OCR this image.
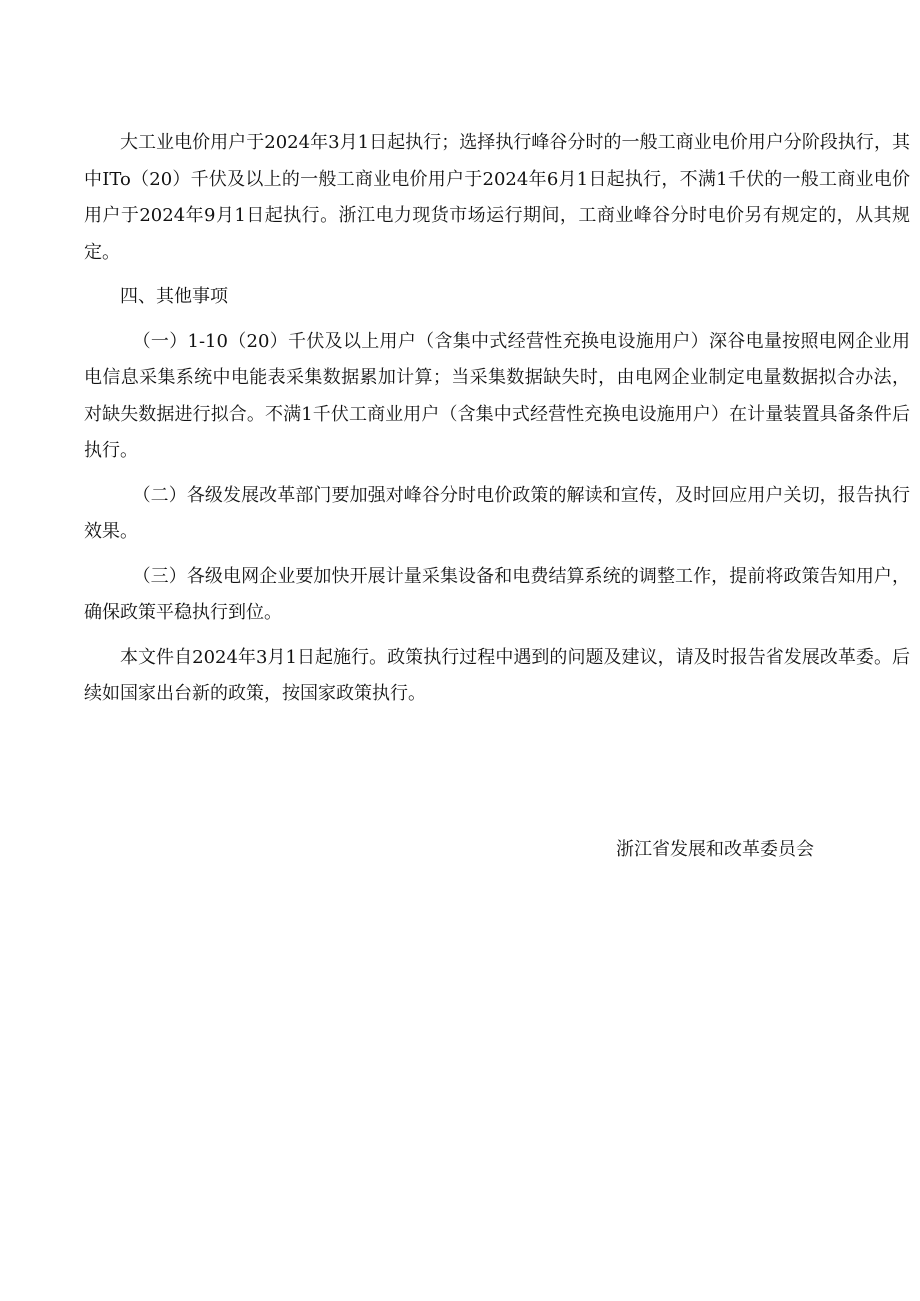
大工业电价用户于2024年3月1日起执行；选择执行峰谷分时的一般工商业电价用户分阶段执行，其中ITo（20）千伏及以上的一般工商业电价用户于2024年6月1日起执行，不满1千伏的一般工商业电价用户于2024年9月1日起执行。浙江电力现货市场运行期间，工商业峰谷分时电价另有规定的，从其规定。

四、其他事项

（一）1-10（20）千伏及以上用户（含集中式经营性充换电设施用户）深谷电量按照电网企业用电信息采集系统中电能表采集数据累加计算；当采集数据缺失时，由电网企业制定电量数据拟合办法，对缺失数据进行拟合。不满1千伏工商业用户（含集中式经营性充换电设施用户）在计量装置具备条件后执行。

（二）各级发展改革部门要加强对峰谷分时电价政策的解读和宣传，及时回应用户关切，报告执行效果。

（三）各级电网企业要加快开展计量采集设备和电费结算系统的调整工作，提前将政策告知用户，确保政策平稳执行到位。

本文件自2024年3月1日起施行。政策执行过程中遇到的问题及建议，请及时报告省发展改革委。后续如国家出台新的政策，按国家政策执行。

浙江省发展和改革委员会
